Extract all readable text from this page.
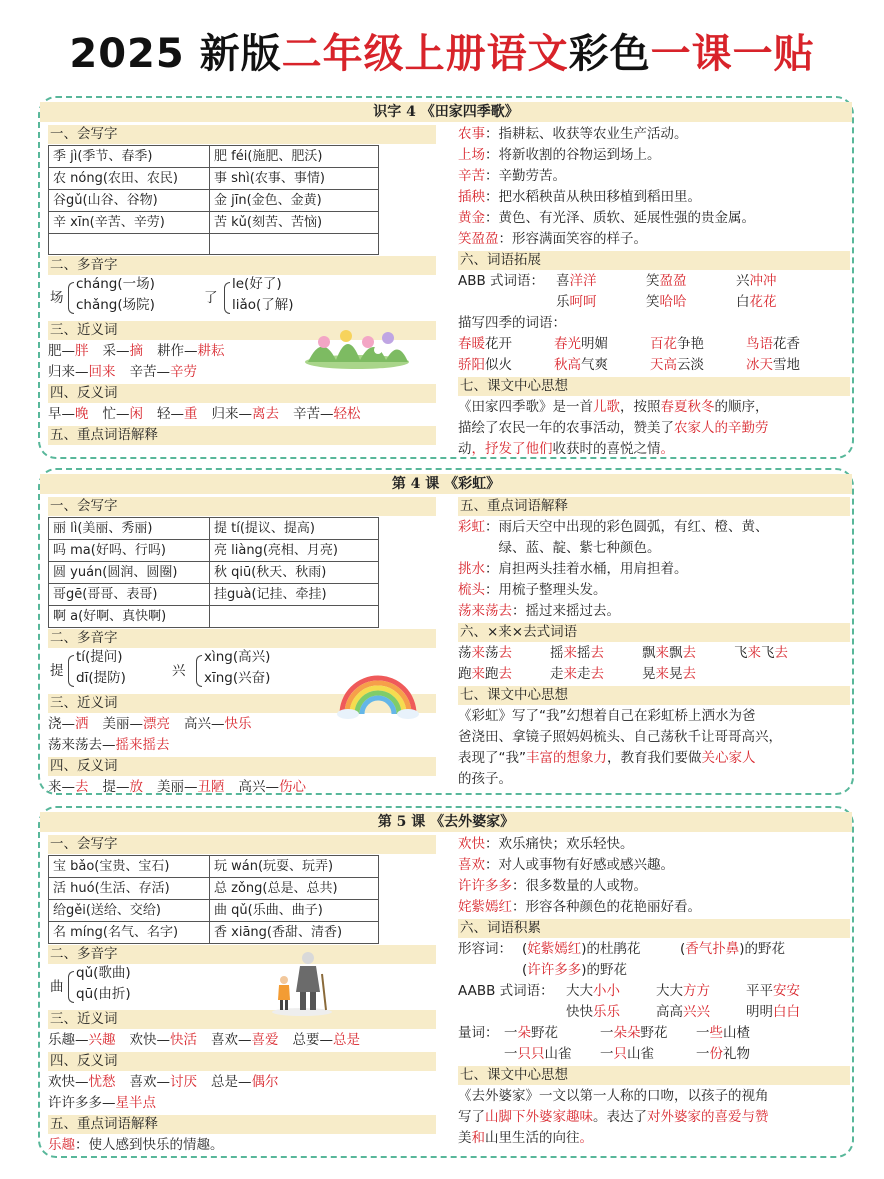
2025 新版二年级上册语文彩色一课一贴
识字 4 《田家四季歌》
一、会写字
季 jì(季节、春季)	肥 féi(施肥、肥沃)
农 nóng(农田、农民)	事 shì(农事、事情)
谷gǔ(山谷、谷物)	金 jīn(金色、金黄)
辛 xīn(辛苦、辛劳)	苦 kǔ(刻苦、苦恼)

二、多音字
场
cháng(一场)
chǎng(场院)	了
le(好了)
liǎo(了解)
三、近义词
肥—胖 采—摘 耕作—耕耘
归来—回来 辛苦—辛劳
四、反义词
早—晚 忙—闲 轻—重 归来—离去 辛苦—轻松
五、重点词语解释
农事：指耕耘、收获等农业生产活动。
上场：将新收割的谷物运到场上。
辛苦：辛勤劳苦。
插秧：把水稻秧苗从秧田移植到稻田里。
黄金：黄色、有光泽、质软、延展性强的贵金属。
笑盈盈：形容满面笑容的样子。
六、词语拓展
ABB 式词语： 喜洋洋	笑盈盈	兴冲冲
乐呵呵	笑哈哈	白花花
描写四季的词语：
春暖花开	春光明媚	百花争艳	鸟语花香
骄阳似火	秋高气爽	天高云淡	冰天雪地
七、课文中心思想
《田家四季歌》是一首儿歌，按照春夏秋冬的顺序，
描绘了农民一年的农事活动，赞美了农家人的辛勤劳
动，抒发了他们收获时的喜悦之情。
第 4 课 《彩虹》
一、会写字
丽 lì(美丽、秀丽)	提 tí(提议、提高)
吗 ma(好吗、行吗)	亮 liàng(亮相、月亮)
圆 yuán(圆润、圆圈)	秋 qiū(秋天、秋雨)
哥gē(哥哥、表哥)	挂guà(记挂、牵挂)
啊 a(好啊、真快啊)	
二、多音字
提
tí(提问)
dī(提防)	兴
xìng(高兴)
xīng(兴奋)
三、近义词
浇—洒 美丽—漂亮 高兴—快乐
荡来荡去—摇来摇去
四、反义词
来—去 提—放 美丽—丑陋 高兴—伤心
五、重点词语解释
彩虹：雨后天空中出现的彩色圆弧，有红、橙、黄、
　　　绿、蓝、靛、紫七种颜色。
挑水：肩担两头挂着水桶，用肩担着。
梳头：用梳子整理头发。
荡来荡去：摇过来摇过去。
六、×来×去式词语
荡来荡去	摇来摇去	飘来飘去	飞来飞去
跑来跑去	走来走去	晃来晃去
七、课文中心思想
《彩虹》写了“我”幻想着自己在彩虹桥上洒水为爸
爸浇田、拿镜子照妈妈梳头、自己荡秋千让哥哥高兴，
表现了“我”丰富的想象力，教育我们要做关心家人
的孩子。
第 5 课 《去外婆家》
一、会写字
宝 bǎo(宝贵、宝石)	玩 wán(玩耍、玩弄)
活 huó(生活、存活)	总 zǒng(总是、总共)
给gěi(送给、交给)	曲 qǔ(乐曲、曲子)
名 míng(名气、名字)	香 xiāng(香甜、清香)
二、多音字
曲
qǔ(歌曲)
qū(由折)
三、近义词
乐趣—兴趣 欢快—快活 喜欢—喜爱 总要—总是
四、反义词
欢快—忧愁 喜欢—讨厌 总是—偶尔
许许多多—星半点
五、重点词语解释
乐趣：使人感到快乐的情趣。
欢快：欢乐痛快；欢乐轻快。
喜欢：对人或事物有好感或感兴趣。
许许多多：很多数量的人或物。
姹紫嫣红：形容各种颜色的花艳丽好看。
六、词语积累
形容词： (姹紫嫣红)的杜鹃花	(香气扑鼻)的野花
(许许多多)的野花
AABB 式词语： 大大小小	大大方方	平平安安
快快乐乐	高高兴兴	明明白白
量词： 一朵野花	一朵朵野花 一些山楂
一只只山雀 一只山雀	一份礼物
七、课文中心思想
《去外婆家》一文以第一人称的口吻，以孩子的视角
写了山脚下外婆家趣味。表达了对外婆家的喜爱与赞
美和山里生活的向往。
